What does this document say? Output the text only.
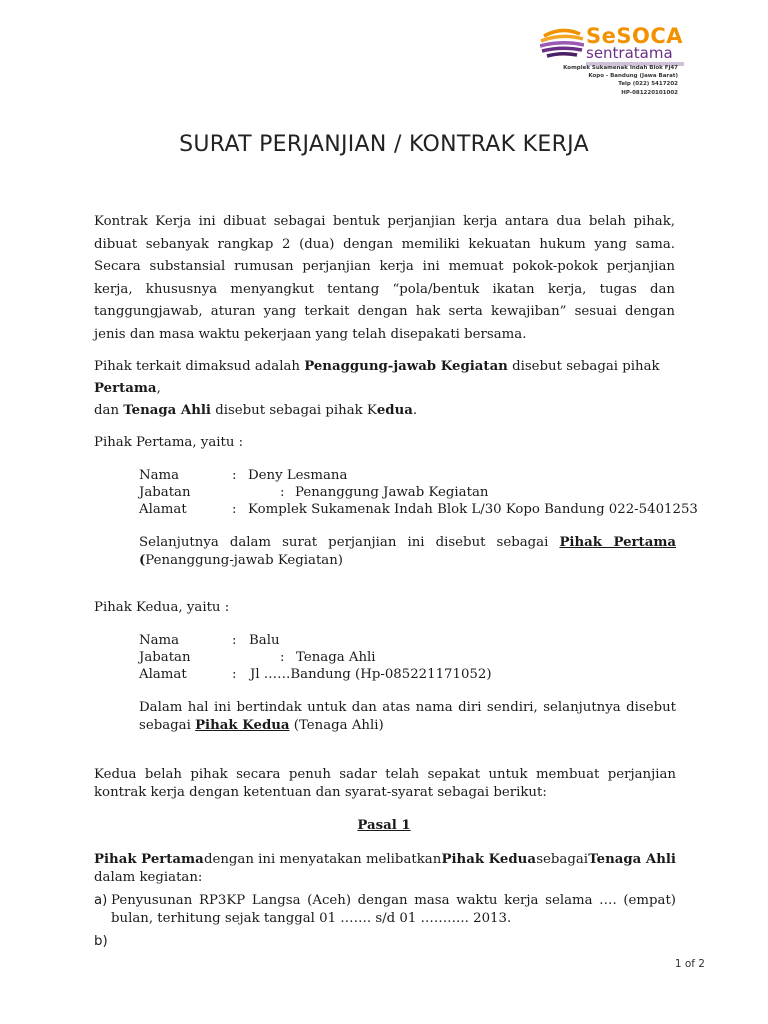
SeSOCA
sentratama
Komplek Sukamenak Indah Blok Fj47
Kopo - Bandung (Jawa Barat)
Telp (022) 5417202
HP-081220101002
SURAT PERJANJIAN / KONTRAK KERJA
Kontrak Kerja ini dibuat sebagai bentuk perjanjian kerja antara dua belah pihak, dibuat sebanyak rangkap 2 (dua) dengan memiliki kekuatan hukum yang sama. Secara substansial rumusan perjanjian kerja ini memuat pokok-pokok perjanjian kerja, khususnya menyangkut tentang “pola/bentuk ikatan kerja, tugas dan tanggungjawab, aturan yang terkait dengan hak serta kewajiban” sesuai dengan jenis dan masa waktu pekerjaan yang telah disepakati bersama.
Pihak terkait dimaksud adalah Penaggung-jawab Kegiatan disebut sebagai pihak Pertama,
dan Tenaga Ahli disebut sebagai pihak Kedua.
Pihak Pertama, yaitu :
Nama	: Deny Lesmana
Jabatan	: Penanggung Jawab Kegiatan
Alamat	: Komplek Sukamenak Indah Blok L/30 Kopo Bandung 022-5401253
Selanjutnya dalam surat perjanjian ini disebut sebagai Pihak Pertama (Penanggung-jawab Kegiatan)
Pihak Kedua, yaitu :
Nama	: Balu
Jabatan	: Tenaga Ahli
Alamat	: Jl ……Bandung (Hp-085221171052)
Dalam hal ini bertindak untuk dan atas nama diri sendiri, selanjutnya disebut sebagai Pihak Kedua (Tenaga Ahli)
Kedua belah pihak secara penuh sadar telah sepakat untuk membuat perjanjian kontrak kerja dengan ketentuan dan syarat-syarat sebagai berikut:
Pasal 1
Pihak Pertama dengan ini menyatakan melibatkan Pihak Kedua sebagai Tenaga Ahli
dalam kegiatan:
a) Penyusunan RP3KP Langsa (Aceh) dengan masa waktu kerja selama …. (empat) bulan, terhitung sejak tanggal 01 ……. s/d 01 ……….. 2013.
b)
1 of 2
